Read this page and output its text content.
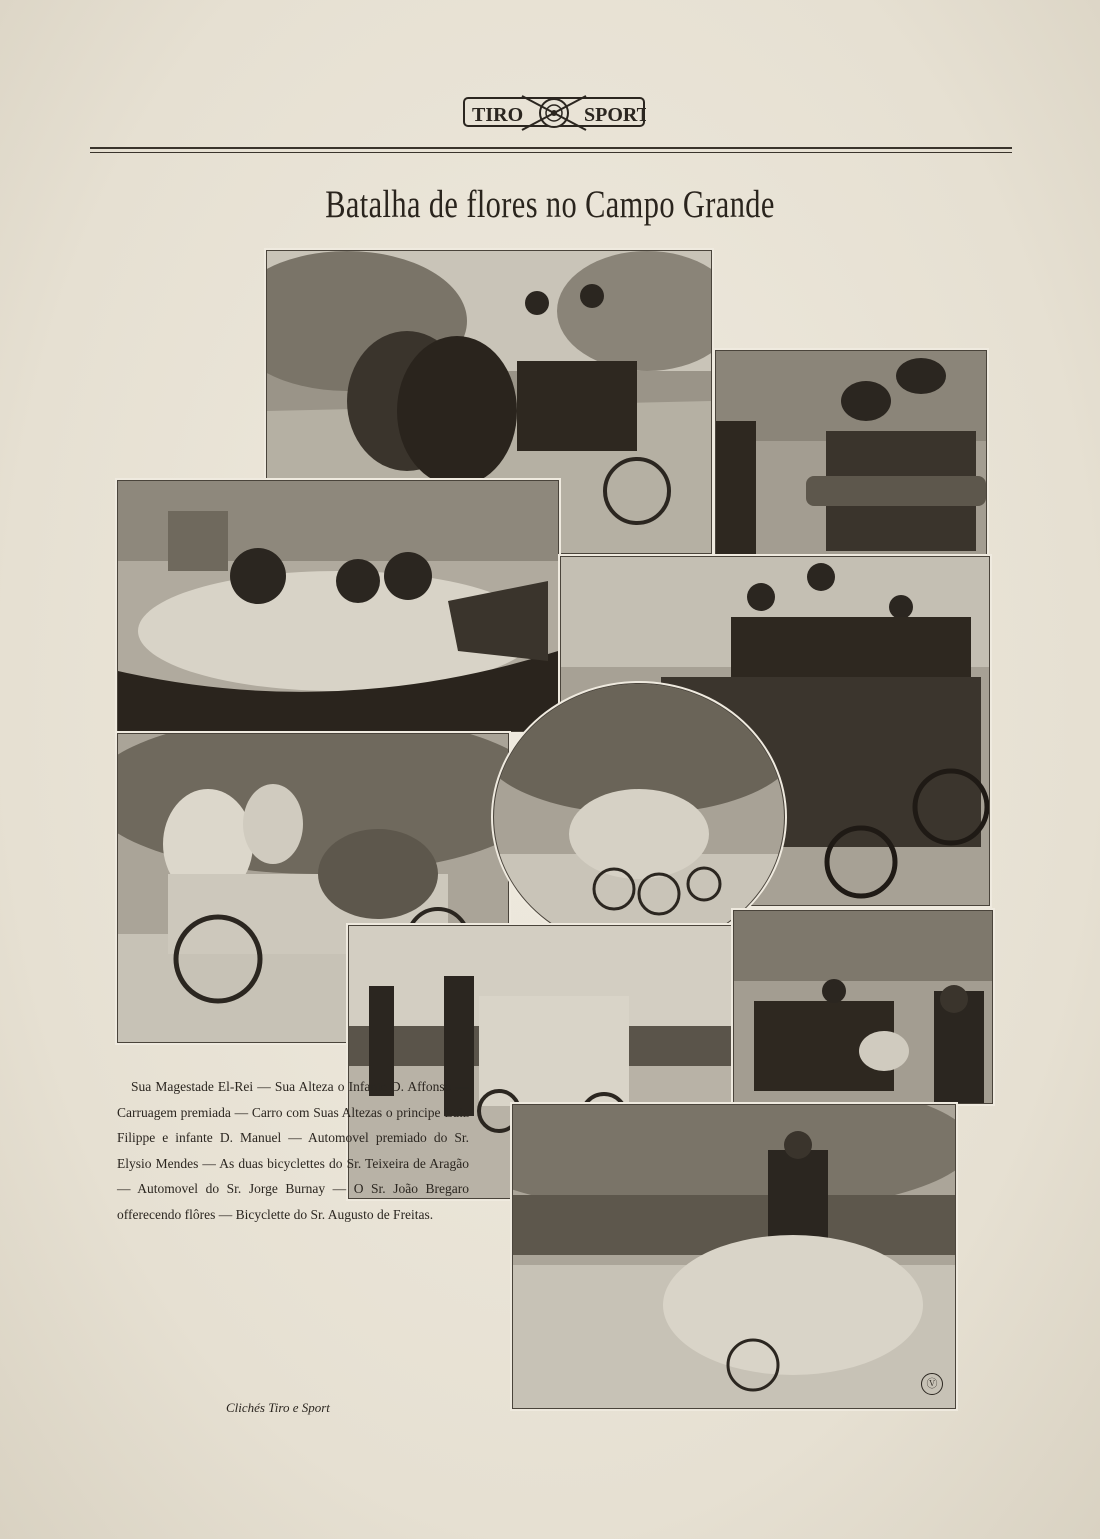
TIRO	SPORT
Batalha de flores no Campo Grande

Sua Magestade El-Rei — Sua Alteza o Infante D. Affonso — Carruagem premiada — Carro com Suas Altezas o principe Luiz Filippe e infante D. Manuel — Automovel premiado do Sr. Elysio Mendes — As duas bicyclettes do Sr. Teixeira de Aragão — Automovel do Sr. Jorge Burnay — O Sr. João Bregaro offerecendo flôres — Bicyclette do Sr. Augusto de Freitas.

Clichés Tiro e Sport
Ⓥ
